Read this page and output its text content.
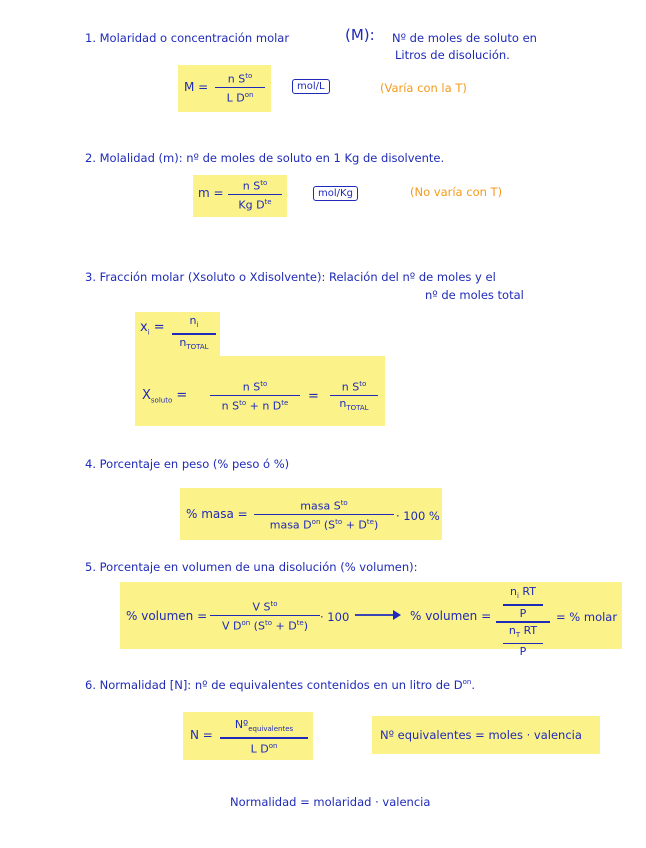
1. Molaridad o concentración molar	(M): Nº de moles de soluto en
Litros de disolución.
M =
n $S^{to}$
L $D^{on}$
mol/L	(Varía con la T)
2. Molalidad (m): nº de moles de soluto en 1 Kg de disolvente.
m = n $S^{to}$
Kg $D^{te}$
mol/Kg	(No varía con T)
3. Fracción molar (Xsoluto o Xdisolvente): Relación del nº de moles y el
nº de moles total
$x_i = n_i$
$n_{TOTAL}$
$X_{soluto}$ =
n $S^{to}$
n $S^{to} + n$ $D^{te}$ =
n $S^{to}$
$n_{TOTAL}$
4. Porcentaje en peso (% peso ó %)
% masa =
masa $S^{to}$
masa $D^{on}$ $(S^{to} + D^{te})$
· 100 %
5. Porcentaje en volumen de una disolución (% volumen):
% volumen =
V $S^{to}$
V $D^{on}$ $(S^{to} + D^{te})$
· 100	% volumen = $\frac{n_i RT}{P}$
$\frac{n_T RT}{P}$
= % molar
6. Normalidad [N]: nº de equivalentes contenidos en un litro de $D^{on}$.
N =
Nº$_{equivalentes}$
L $D^{on}$
Nº equivalentes = moles · valencia
Normalidad = molaridad · valencia
